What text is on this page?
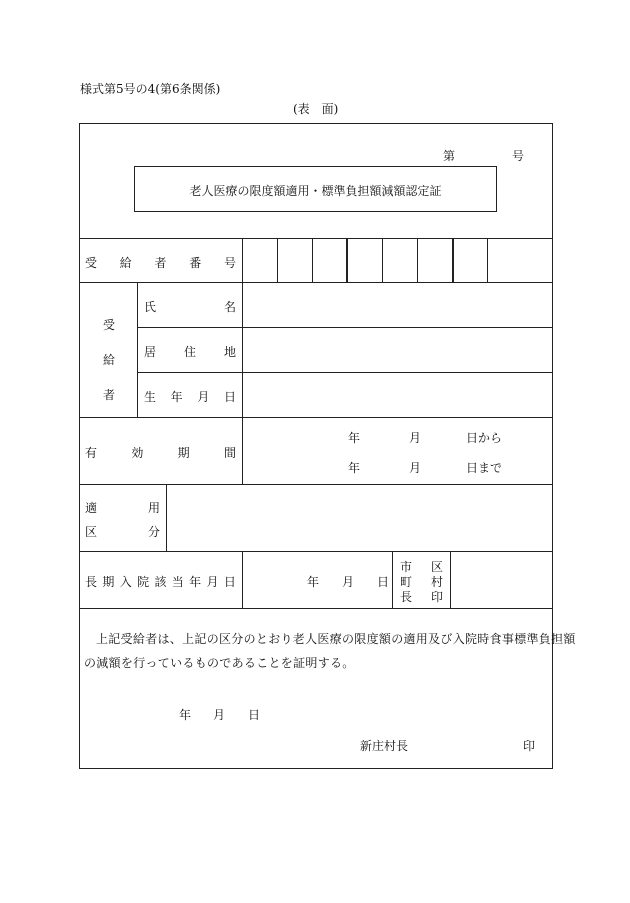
様式第5号の4(第6条関係)
(表　面)
第	号
老人医療の限度額適用・標準負担額減額認定証
受 給 者 番 号
受
給
者
氏	名
居 住 地
生 年 月 日
有	効	期	間
年	月	日から
年	月	日まで
適	用
区	分
長 期 入 院 該 当 年 月 日	年 月 日
市 区
町 村
長 印
上記受給者は、上記の区分のとおり老人医療の限度額の適用及び入院時食事標準負担額
の減額を行っているものであることを証明する。
年 月 日
新庄村長	印
